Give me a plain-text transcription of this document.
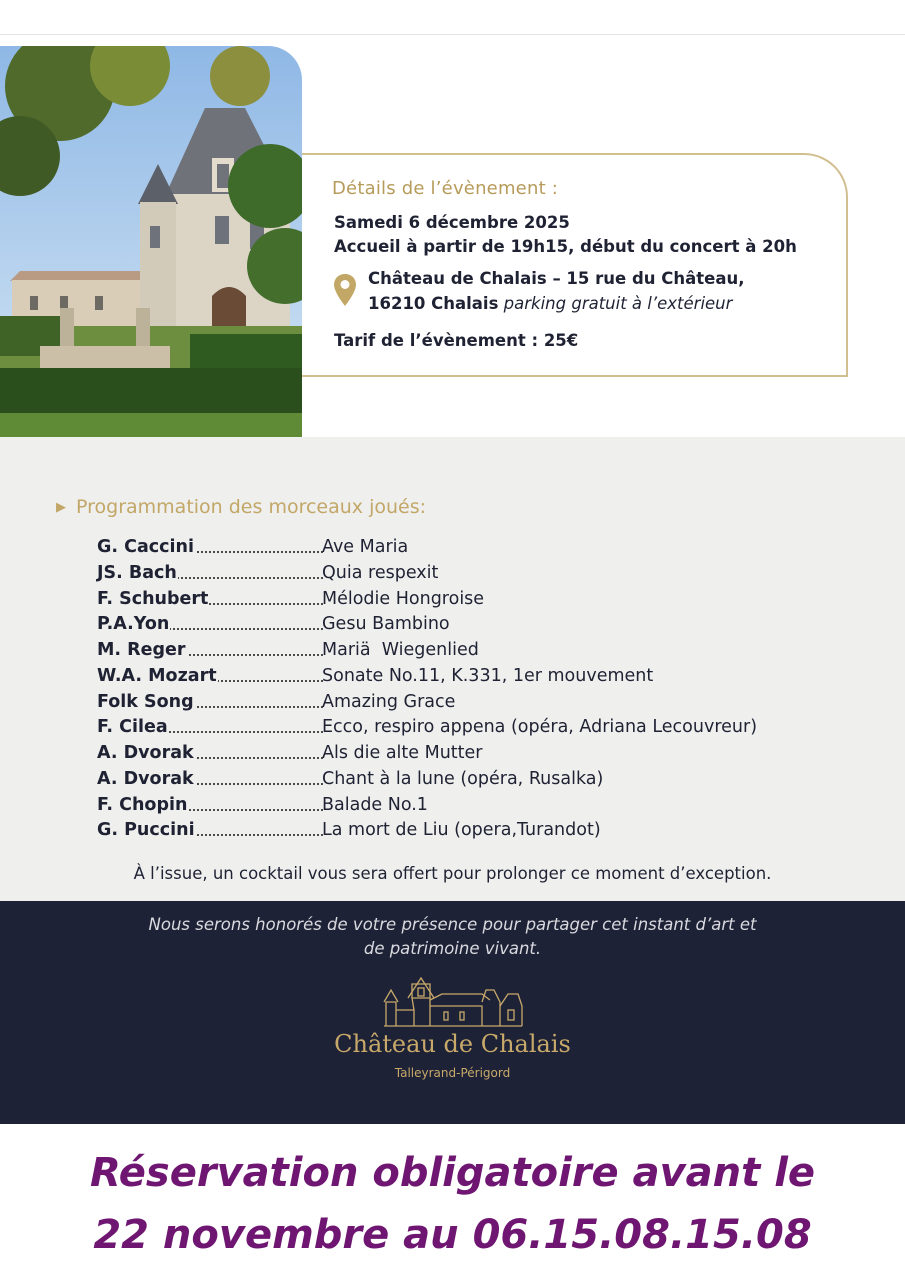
Détails de l’évènement :
Samedi 6 décembre 2025
Accueil à partir de 19h15, début du concert à 20h
Château de Chalais – 15 rue du Château,
16210 Chalais parking gratuit à l’extérieur
Tarif de l’évènement : 25€
▶ Programmation des morceaux joués:
G. Caccini	Ave Maria
JS. Bach	Quia respexit
F. Schubert	Mélodie Hongroise
P.A.Yon	Gesu Bambino
M. Reger	Mariä  Wiegenlied
W.A. Mozart	Sonate No.11, K.331, 1er mouvement
Folk Song	Amazing Grace
F. Cilea	Ecco, respiro appena (opéra, Adriana Lecouvreur)
A. Dvorak	Als die alte Mutter
A. Dvorak	Chant à la lune (opéra, Rusalka)
F. Chopin	Balade No.1
G. Puccini	La mort de Liu (opera,Turandot)
À l’issue, un cocktail vous sera offert pour prolonger ce moment d’exception.
Nous serons honorés de votre présence pour partager cet instant d’art et
de patrimoine vivant.
Château de Chalais
Talleyrand-Périgord
Réservation obligatoire avant le
22 novembre au 06.15.08.15.08
